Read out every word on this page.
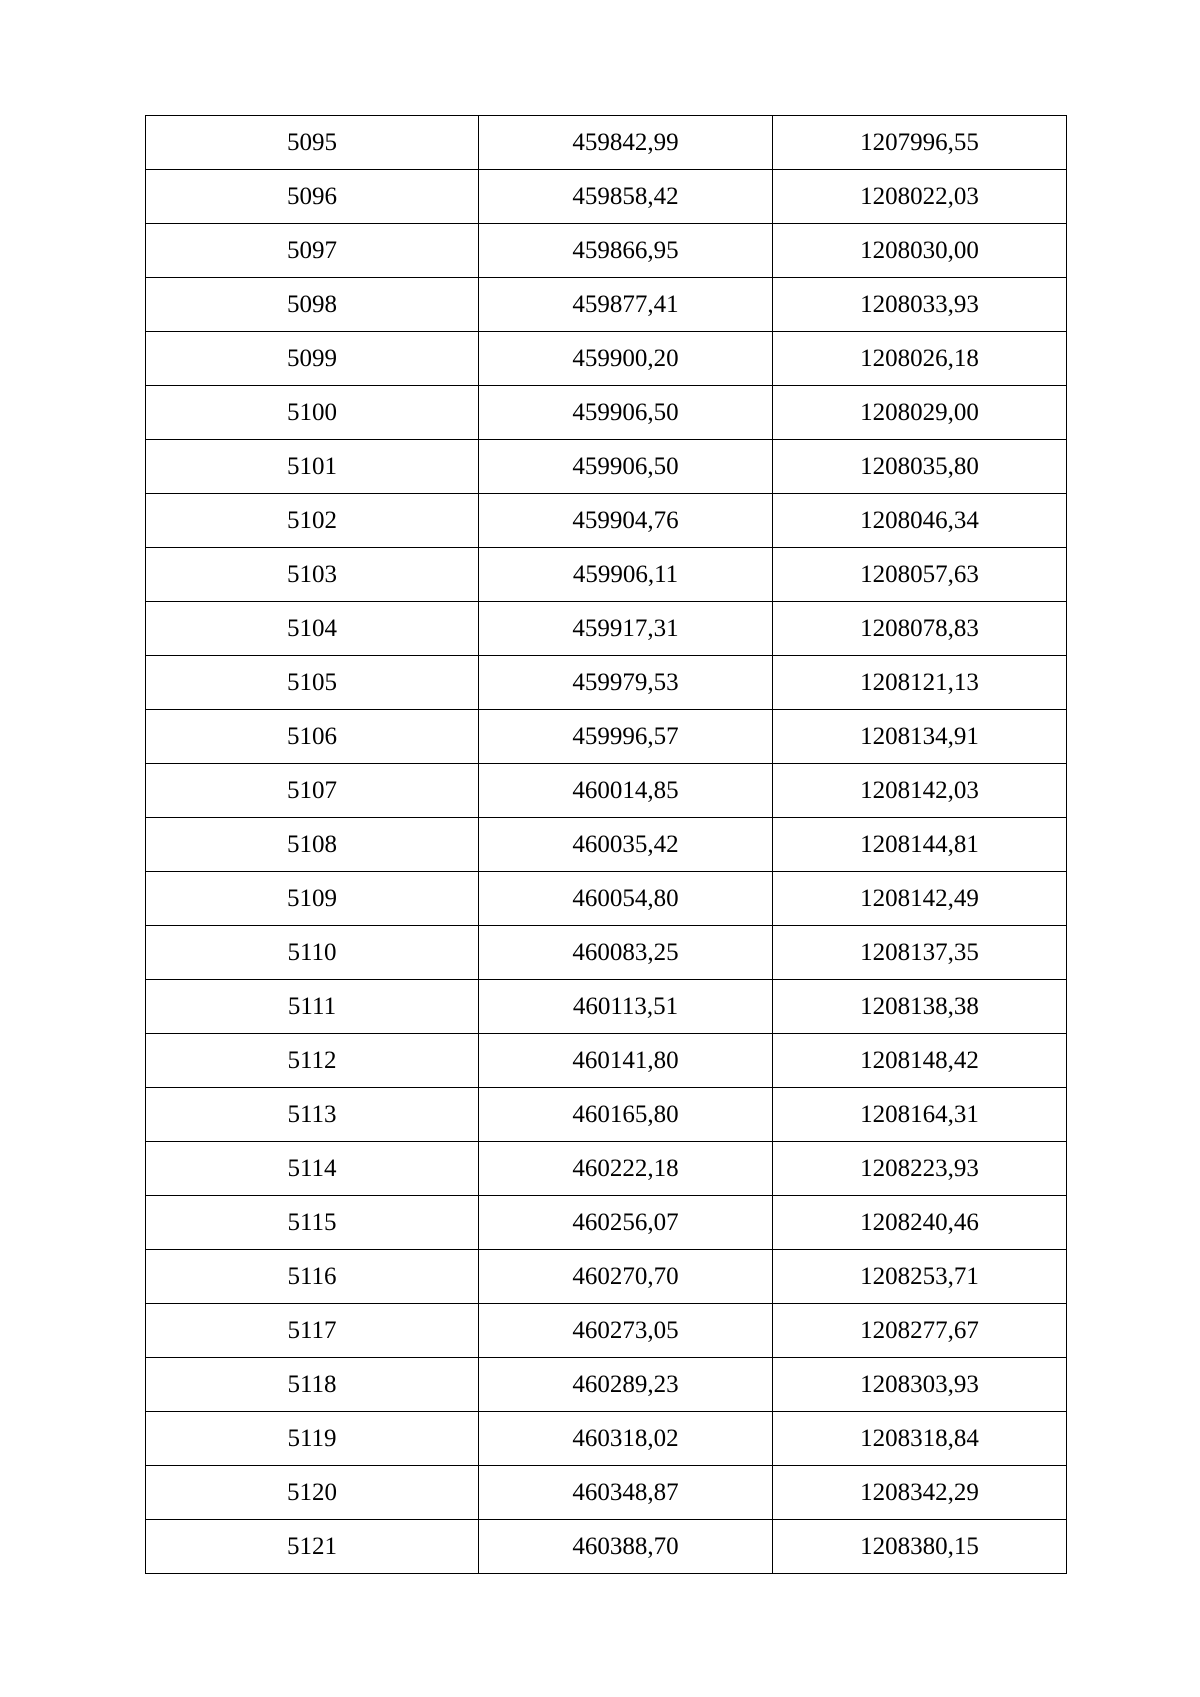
5095	459842,99	1207996,55
5096	459858,42	1208022,03
5097	459866,95	1208030,00
5098	459877,41	1208033,93
5099	459900,20	1208026,18
5100	459906,50	1208029,00
5101	459906,50	1208035,80
5102	459904,76	1208046,34
5103	459906,11	1208057,63
5104	459917,31	1208078,83
5105	459979,53	1208121,13
5106	459996,57	1208134,91
5107	460014,85	1208142,03
5108	460035,42	1208144,81
5109	460054,80	1208142,49
5110	460083,25	1208137,35
5111	460113,51	1208138,38
5112	460141,80	1208148,42
5113	460165,80	1208164,31
5114	460222,18	1208223,93
5115	460256,07	1208240,46
5116	460270,70	1208253,71
5117	460273,05	1208277,67
5118	460289,23	1208303,93
5119	460318,02	1208318,84
5120	460348,87	1208342,29
5121	460388,70	1208380,15
